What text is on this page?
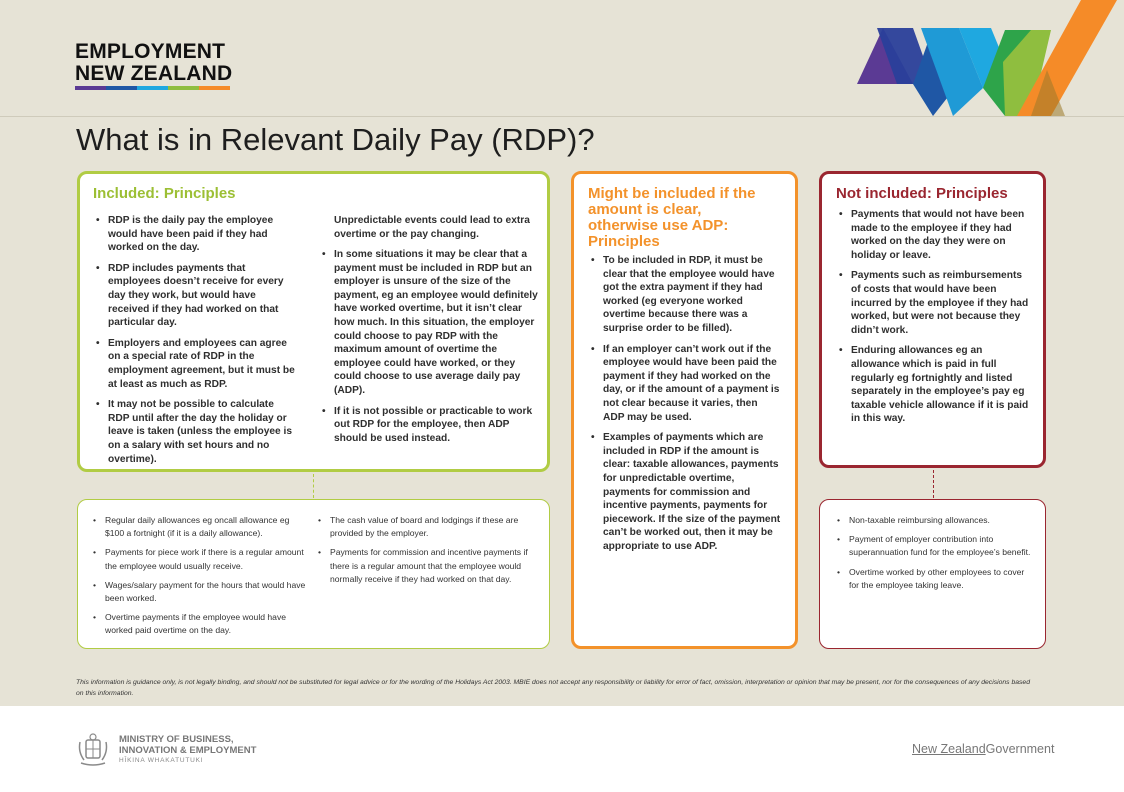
EMPLOYMENT
NEW ZEALAND
What is in Relevant Daily Pay (RDP)?

Included: Principles

• RDP is the daily pay the employee would have been paid if they had worked on the day.
• RDP includes payments that employees doesn’t receive for every day they work, but would have received if they had worked on that particular day.
• Employers and employees can agree on a special rate of RDP in the employment agreement, but it must be at least as much as RDP.
• It may not be possible to calculate RDP until after the day the holiday or leave is taken (unless the employee is on a salary with set hours and no overtime).

Unpredictable events could lead to extra overtime or the pay changing.

• In some situations it may be clear that a payment must be included in RDP but an employer is unsure of the size of the payment, eg an employee would definitely have worked overtime, but it isn’t clear how much. In this situation, the employer could choose to pay RDP with the maximum amount of overtime the employee could have worked, or they could choose to use average daily pay (ADP).
• If it is not possible or practicable to work out RDP for the employee, then ADP should be used instead.
• Regular daily allowances eg oncall allowance eg $100 a fortnight (if it is a daily allowance).
• Payments for piece work if there is a regular amount the employee would usually receive.
• Wages/salary payment for the hours that would have been worked.
• Overtime payments if the employee would have worked paid overtime on the day.
• The cash value of board and lodgings if these are provided by the employer.
• Payments for commission and incentive payments if there is a regular amount that the employee would normally receive if they had worked on that day.

Might be included if the amount is clear, otherwise use ADP: Principles

• To be included in RDP, it must be clear that the employee would have got the extra payment if they had worked (eg everyone worked overtime because there was a surprise order to be filled).
• If an employer can’t work out if the employee would have been paid the payment if they had worked on the day, or if the amount of a payment is not clear because it varies, then ADP may be used.
• Examples of payments which are included in RDP if the amount is clear: taxable allowances, payments for unpredictable overtime, payments for commission and incentive payments, payments for piecework. If the size of the payment can’t be worked out, then it may be appropriate to use ADP.

Not included: Principles

• Payments that would not have been made to the employee if they had worked on the day they were on holiday or leave.
• Payments such as reimbursements of costs that would have been incurred by the employee if they had worked, but were not because they didn’t work.
• Enduring allowances eg an allowance which is paid in full regularly eg fortnightly and listed separately in the employee’s pay eg taxable vehicle allowance if it is paid in this way.
• Non-taxable reimbursing allowances.
• Payment of employer contribution into superannuation fund for the employee’s benefit.
• Overtime worked by other employees to cover for the employee taking leave.

This information is guidance only, is not legally binding, and should not be substituted for legal advice or for the wording of the Holidays Act 2003. MBIE does not accept any responsibility or liability for error of fact, omission, interpretation or opinion that may be present, nor for the consequences of any decisions based on this information.

MINISTRY OF BUSINESS,
INNOVATION & EMPLOYMENT
HĪKINA WHAKATUTUKI
New ZealandGovernment
